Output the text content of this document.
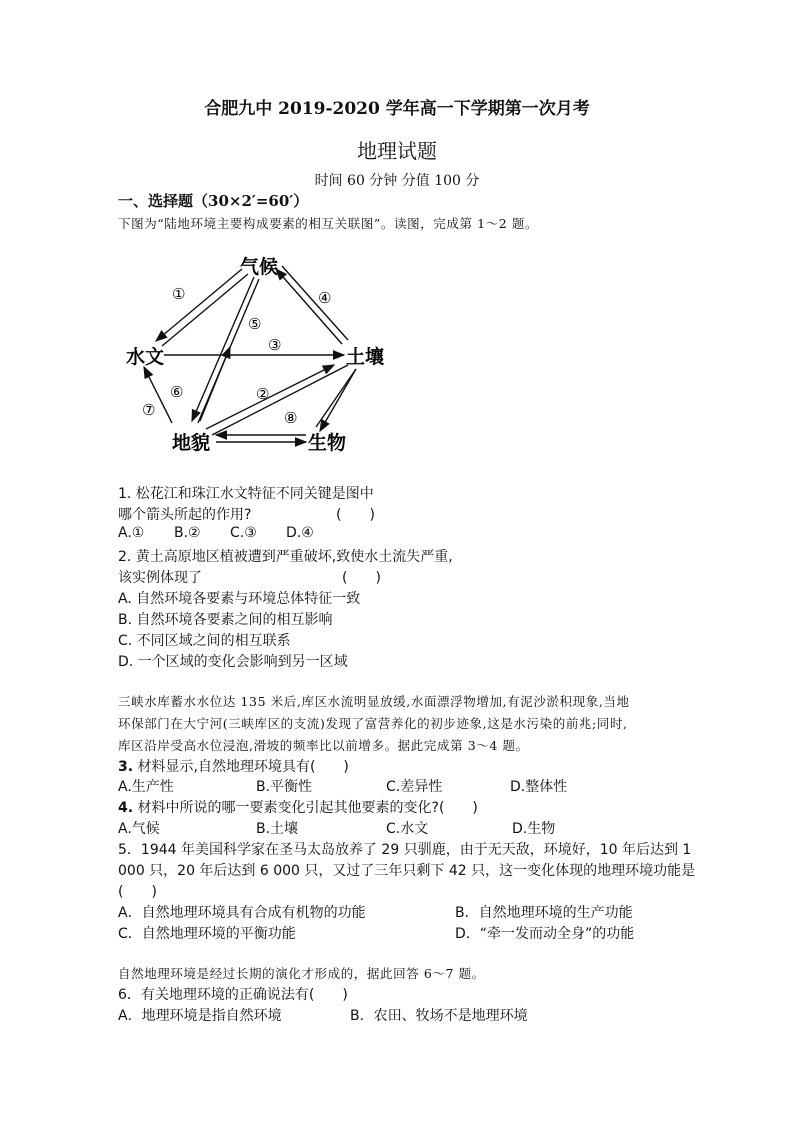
合肥九中 2019-2020 学年高一下学期第一次月考
地理试题
时间 60 分钟 分值 100 分
一、选择题（30×2′=60′）
下图为“陆地环境主要构成要素的相互关联图”。读图，完成第 1～2 题。
气候
水文	土壤
地貌	生物
①
②
③
④
⑤
⑥
⑦	⑧
1. 松花江和珠江水文特征不同关键是图中
哪个箭头所起的作用?	(　　)
A.① B.② C.③ D.④
2. 黄土高原地区植被遭到严重破坏,致使水土流失严重,
该实例体现了	(　　)
A. 自然环境各要素与环境总体特征一致
B. 自然环境各要素之间的相互影响
C. 不同区域之间的相互联系
D. 一个区域的变化会影响到另一区域
三峡水库蓄水水位达 135 米后,库区水流明显放缓,水面漂浮物增加,有泥沙淤积现象,当地
环保部门在大宁河(三峡库区的支流)发现了富营养化的初步迹象,这是水污染的前兆;同时,
库区沿岸受高水位浸泡,滑坡的频率比以前增多。据此完成第 3～4 题。
3. 材料显示,自然地理环境具有(　　)
A.生产性	B.平衡性	C.差异性	D.整体性
4. 材料中所说的哪一要素变化引起其他要素的变化?(　　)
A.气候	B.土壤	C.水文	D.生物
5．1944 年美国科学家在圣马太岛放养了 29 只驯鹿，由于无天敌，环境好，10 年后达到 1
000 只，20 年后达到 6 000 只，又过了三年只剩下 42 只，这一变化体现的地理环境功能是
(　　)
A．自然地理环境具有合成有机物的功能	B．自然地理环境的生产功能
C．自然地理环境的平衡功能	D．“牵一发而动全身”的功能
自然地理环境是经过长期的演化才形成的，据此回答 6～7 题。
6．有关地理环境的正确说法有(　　)
A．地理环境是指自然环境	B．农田、牧场不是地理环境
